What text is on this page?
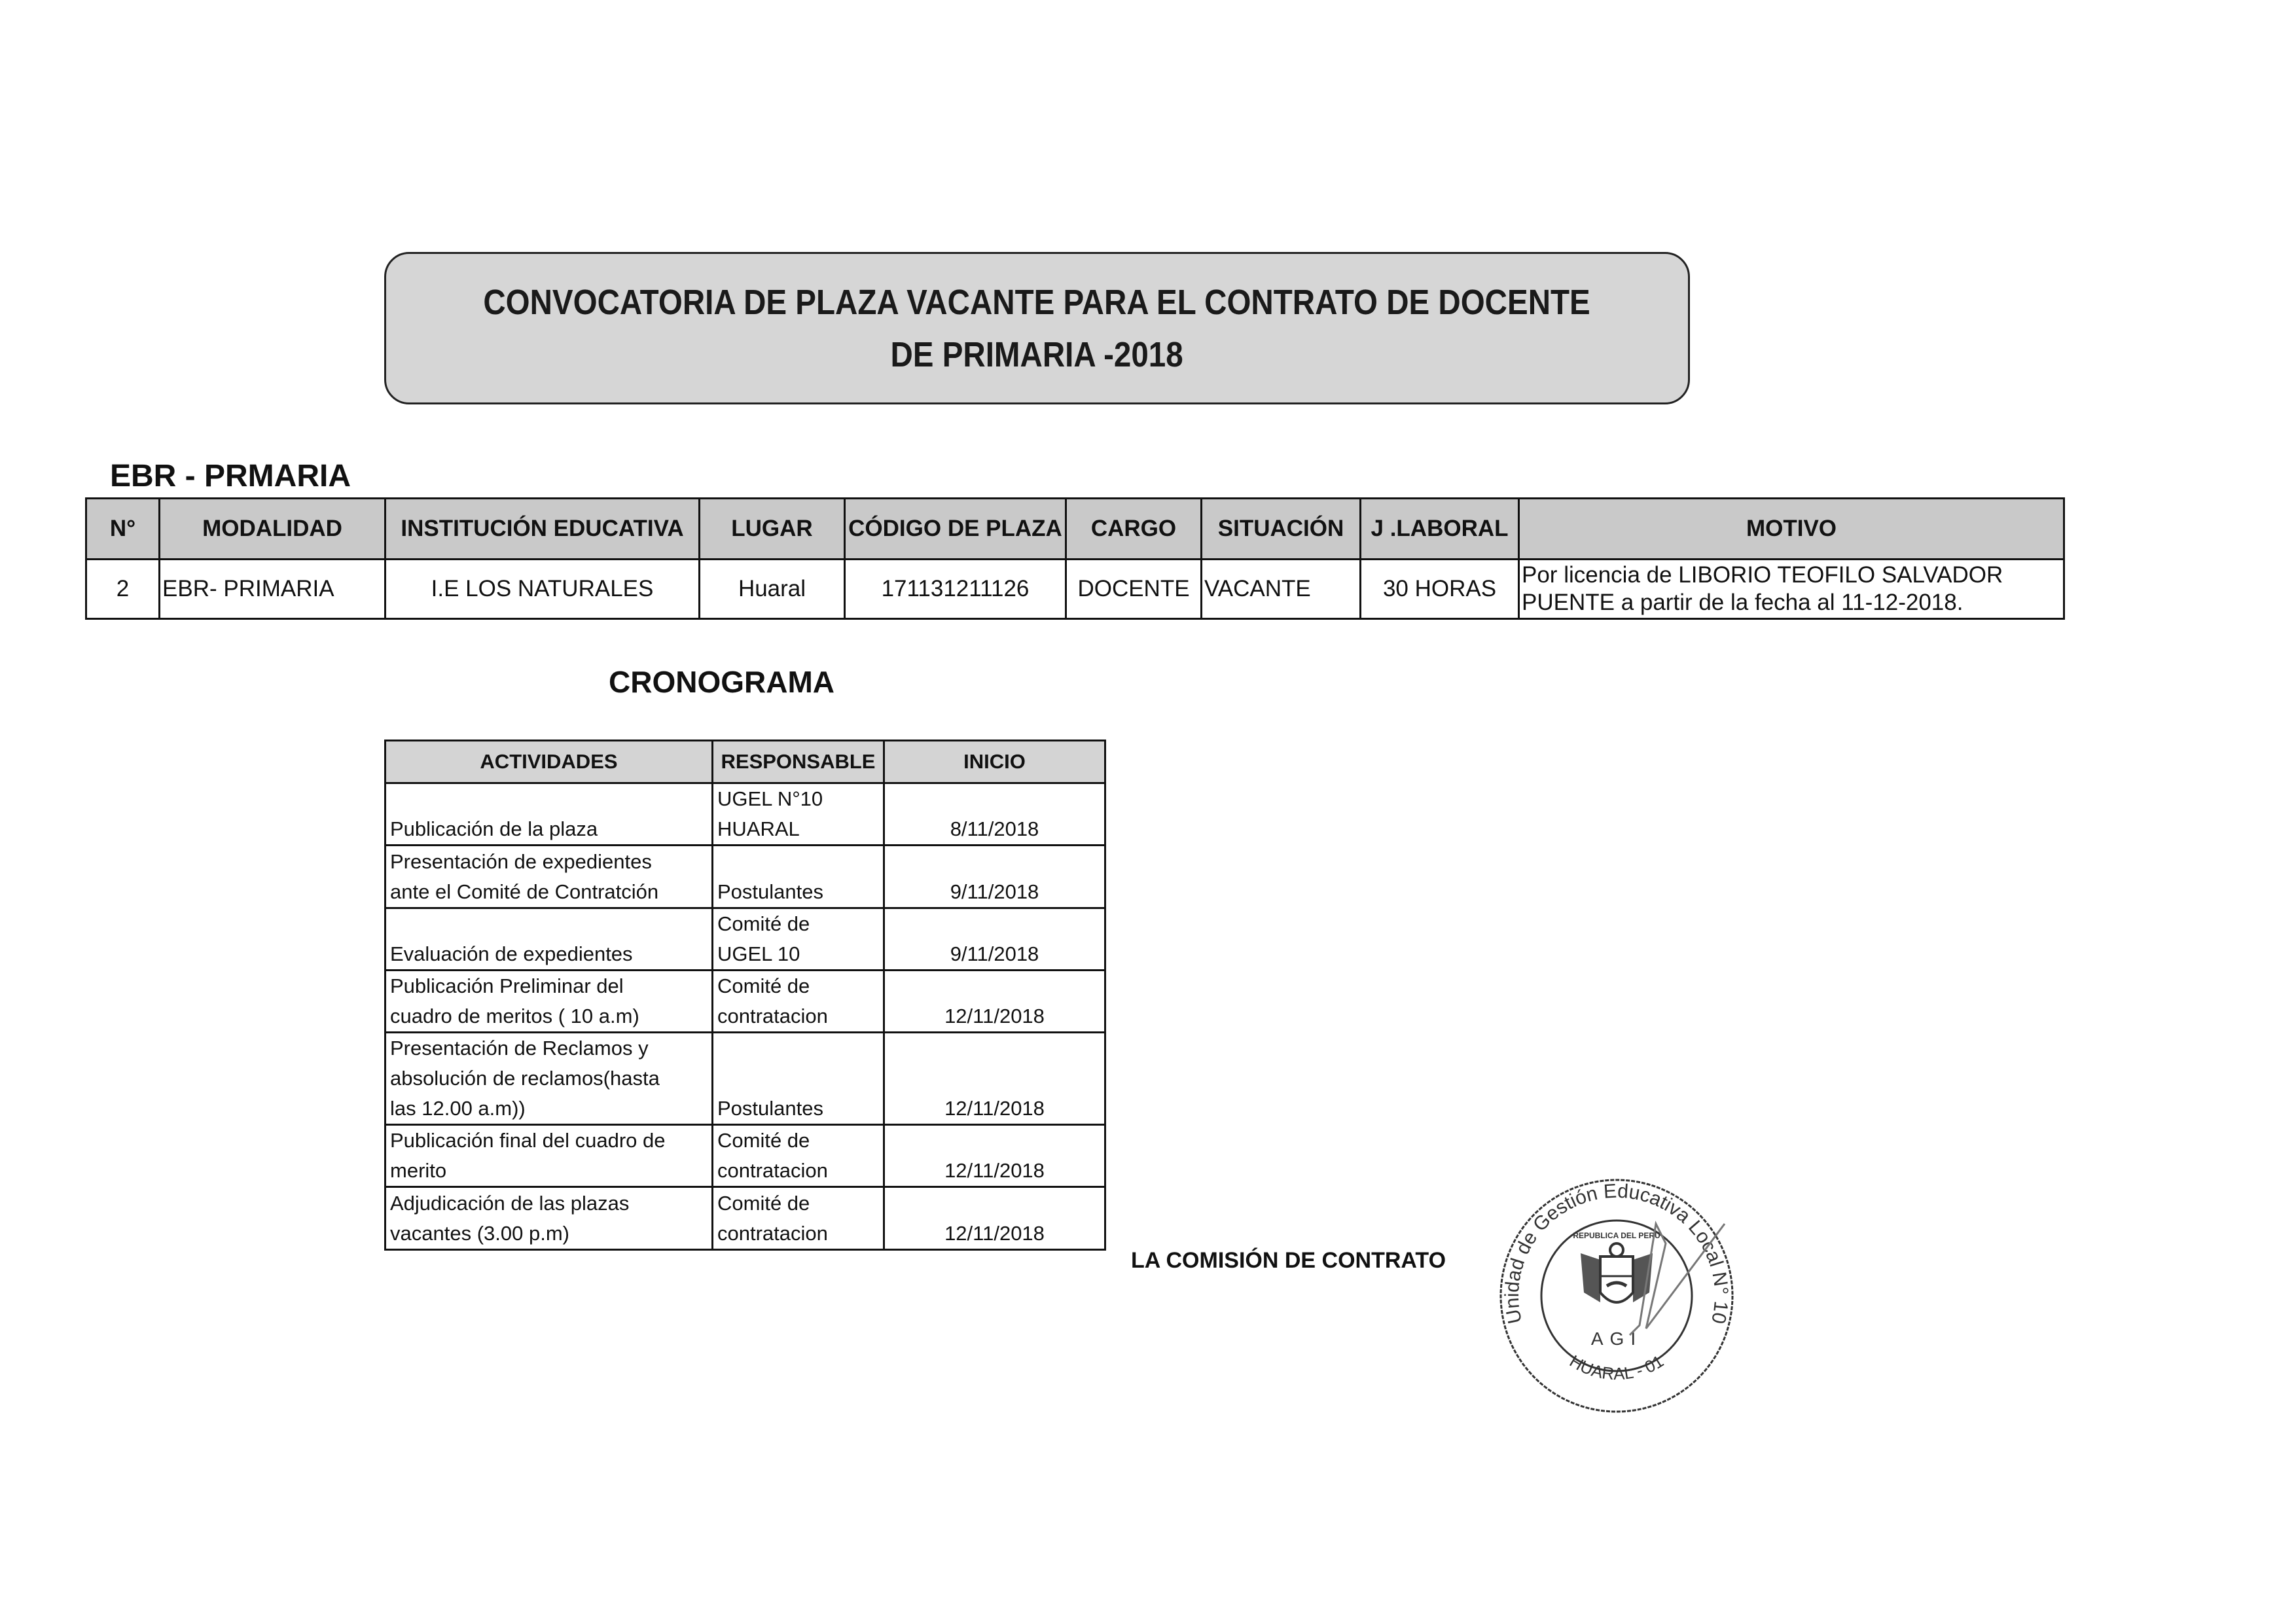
CONVOCATORIA DE PLAZA VACANTE PARA EL CONTRATO DE DOCENTE
DE PRIMARIA -2018
EBR - PRMARIA
N°	MODALIDAD	INSTITUCIÓN EDUCATIVA	LUGAR	CÓDIGO DE PLAZA	CARGO	SITUACIÓN	J .LABORAL	MOTIVO
2	EBR- PRIMARIA	I.E LOS NATURALES	Huaral	171131211126	DOCENTE	VACANTE	30 HORAS	Por licencia de LIBORIO TEOFILO SALVADOR PUENTE a partir de la fecha al 11-12-2018.
CRONOGRAMA
ACTIVIDADES	RESPONSABLE	INICIO
Publicación de la plaza	UGEL N°10
HUARAL	8/11/2018
Presentación de expedientes
ante el Comité de Contratción	Postulantes	9/11/2018
Evaluación de expedientes	Comité de
UGEL 10	9/11/2018
Publicación Preliminar del
cuadro de meritos ( 10 a.m)	Comité de
contratacion	12/11/2018
Presentación de Reclamos y
absolución de reclamos(hasta
las 12.00 a.m))	Postulantes	12/11/2018
Publicación final del cuadro de
merito	Comité de
contratacion	12/11/2018
Adjudicación de las plazas
vacantes (3.00 p.m)	Comité de
contratacion	12/11/2018
LA COMISIÓN DE CONTRATO
Unidad de Gestión Educativa Local N° 10
HUARAL - 01
REPUBLICA DEL PERU
AGI
